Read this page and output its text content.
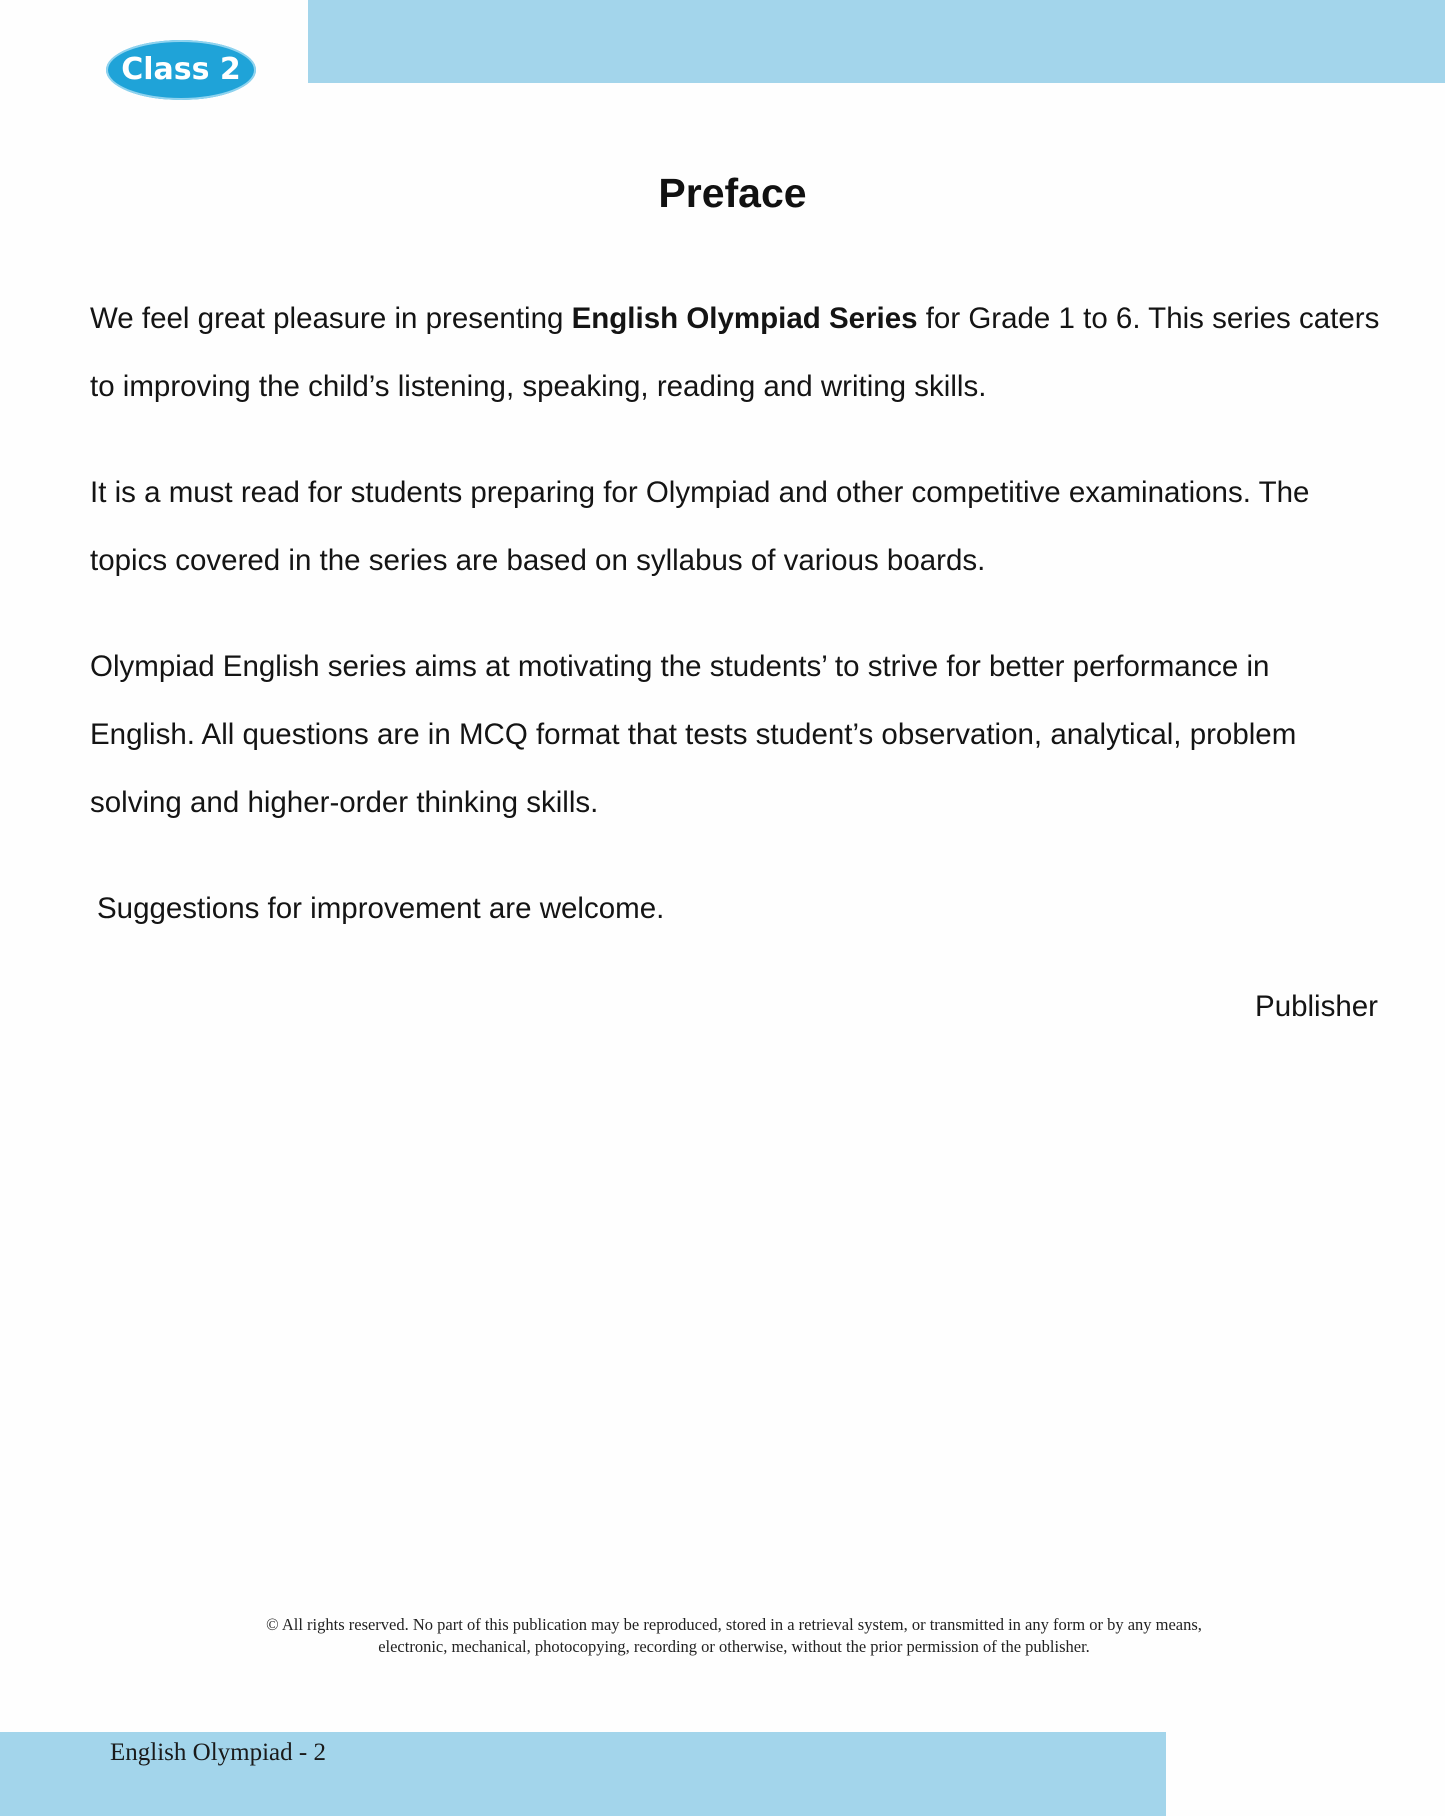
Class 2
Preface

We feel great pleasure in presenting English Olympiad Series for Grade 1 to 6. This series caters to improving the child’s listening, speaking, reading and writing skills.

It is a must read for students preparing for Olympiad and other competitive examinations. The topics covered in the series are based on syllabus of various boards.

Olympiad English series aims at motivating the students’ to strive for better performance in English. All questions are in MCQ format that tests student’s observation, analytical, problem solving and higher-order thinking skills.

Suggestions for improvement are welcome.

Publisher
© All rights reserved. No part of this publication may be reproduced, stored in a retrieval system, or transmitted in any form or by any means,
electronic, mechanical, photocopying, recording or otherwise, without the prior permission of the publisher.
English Olympiad - 2
